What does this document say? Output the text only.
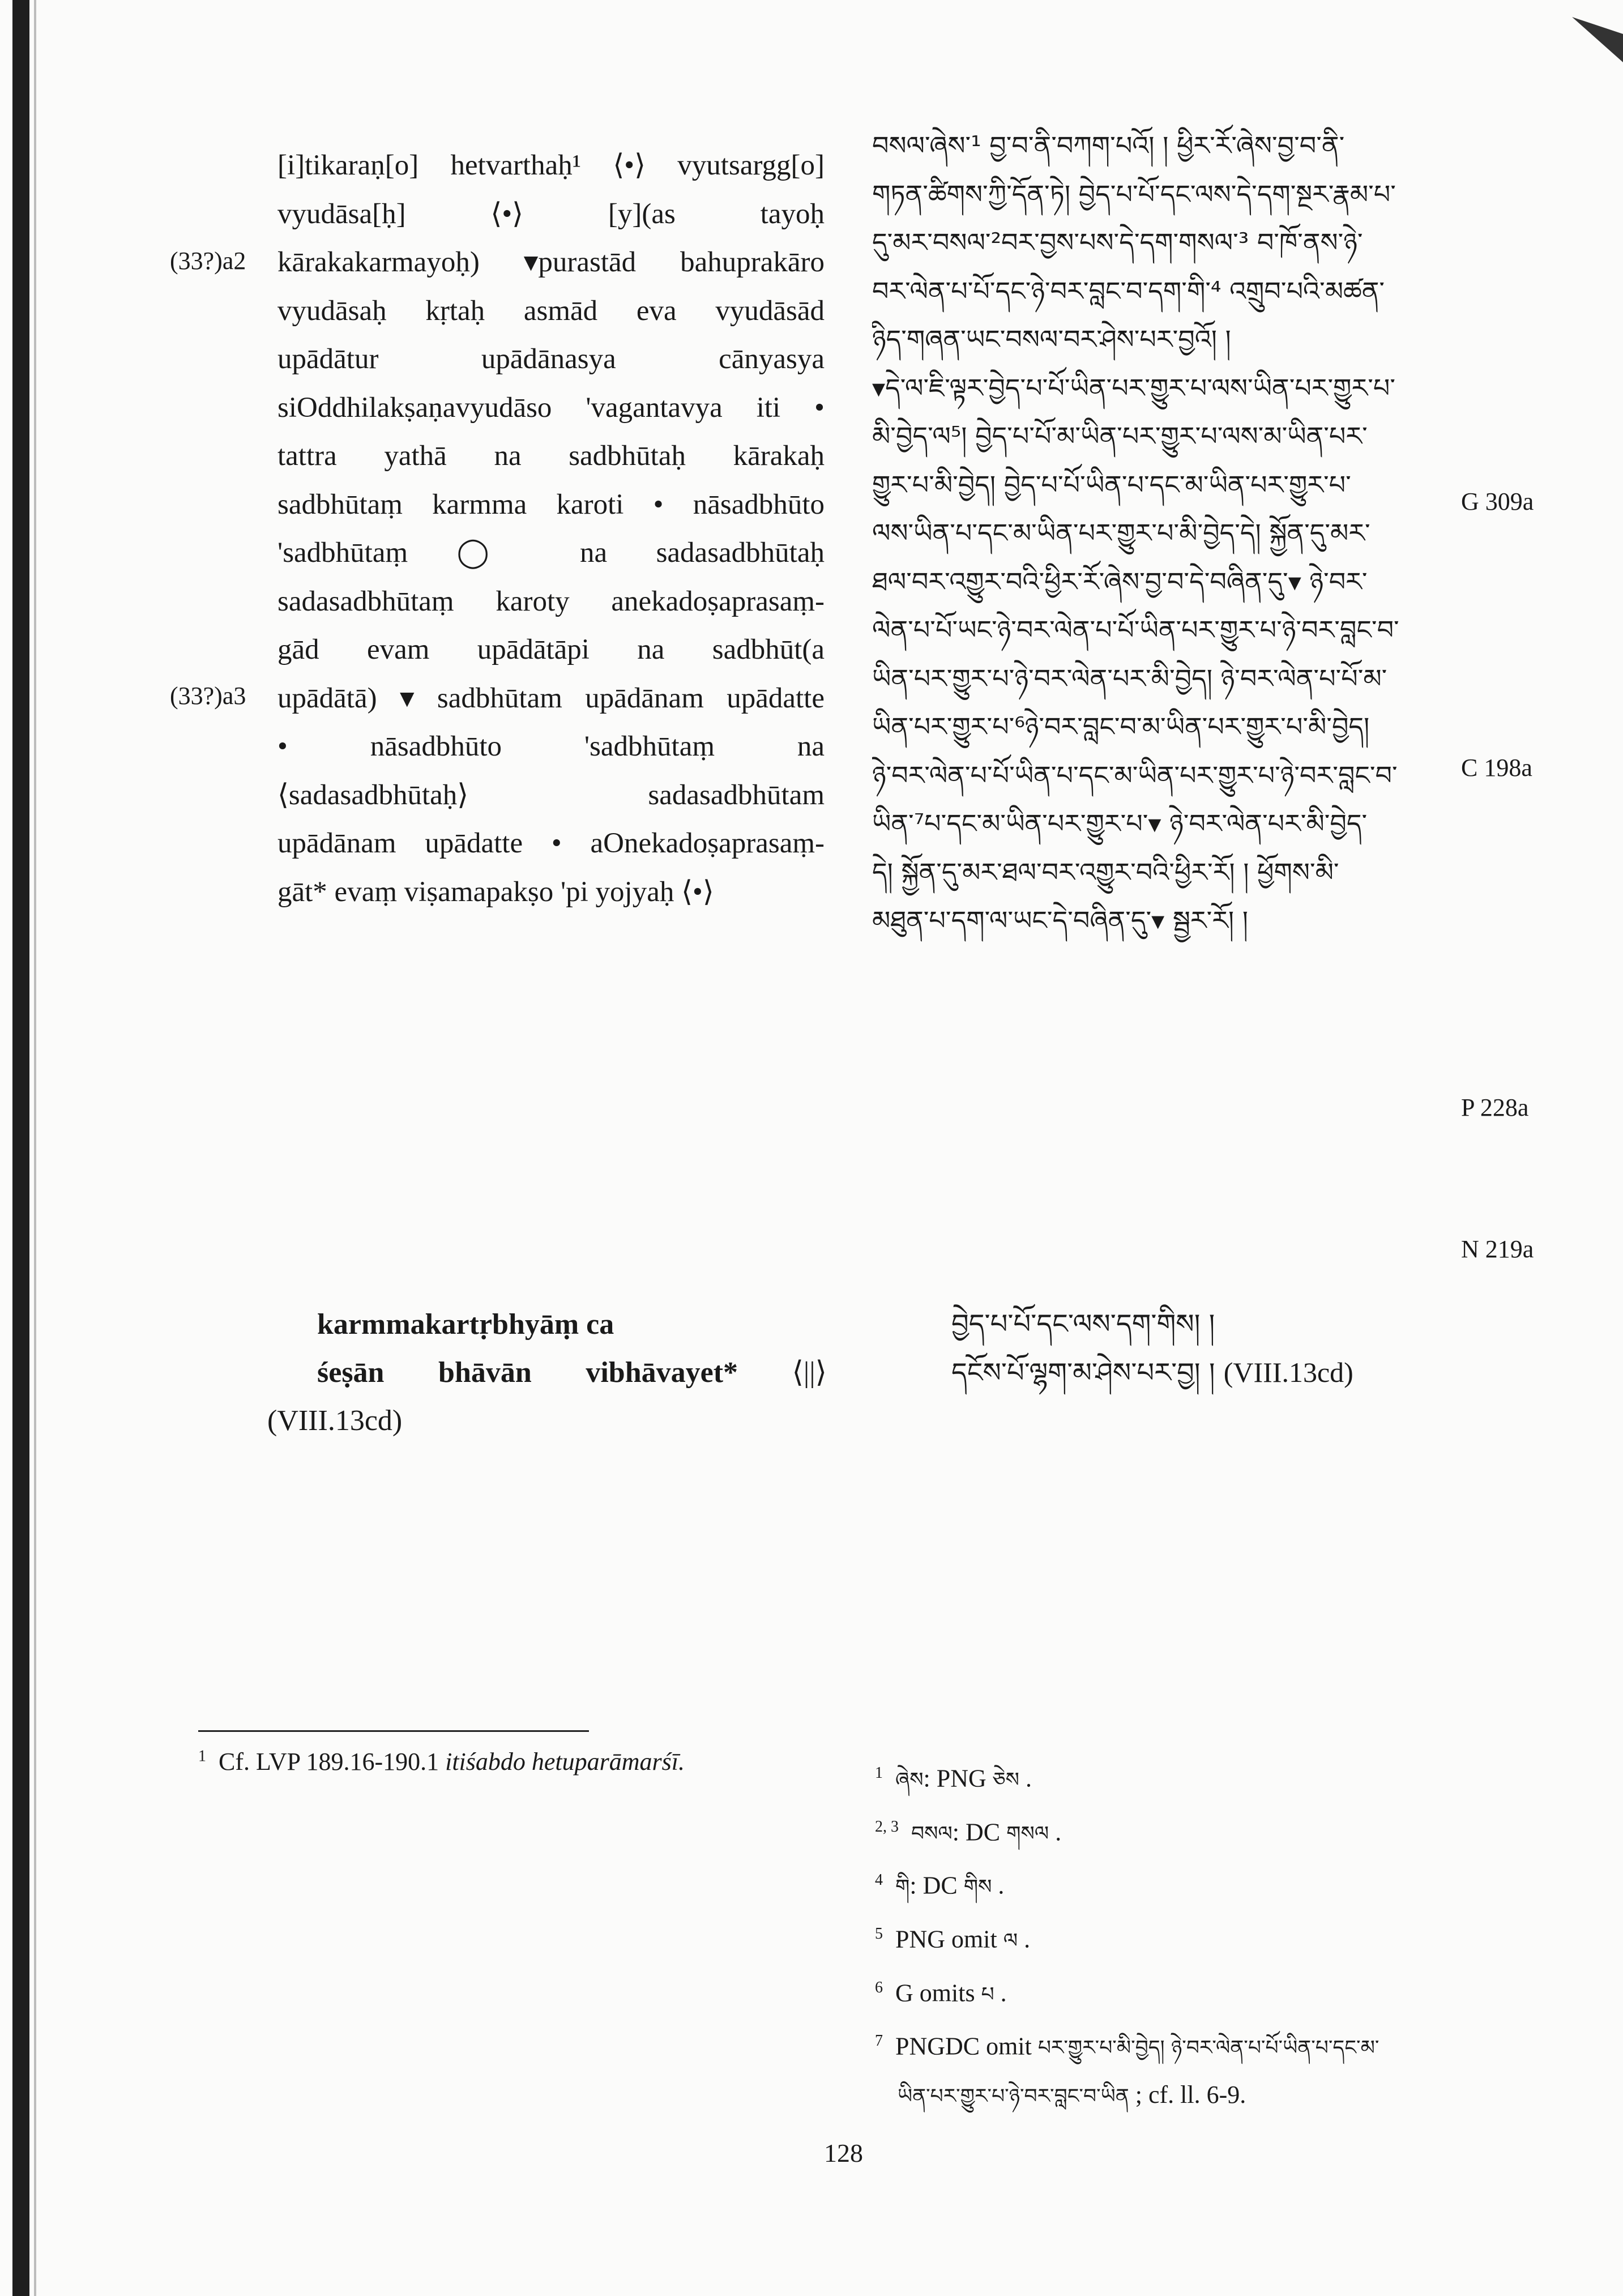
[i]tikaraṇ[o] hetvarthaḥ¹ ⟨•⟩ vyutsargg[o]
vyudāsa[ḥ] ⟨•⟩ [y](as tayoḥ
kārakakarmayoḥ) ▾purastād bahuprakāro
vyudāsaḥ kṛtaḥ asmād eva vyudāsād
upādātur upādānasya cānyasya
siOddhilakṣaṇavyudāso 'vagantavya iti •
tattra yathā na sadbhūtaḥ kārakaḥ
sadbhūtaṃ karmma karoti • nāsadbhūto
'sadbhūtaṃ ◯ na sadasadbhūtaḥ
sadasadbhūtaṃ karoty anekadoṣaprasaṃ-
gād evam upādātāpi na sadbhūt(a
upādātā) ▾ sadbhūtam upādānam upādatte
• nāsadbhūto 'sadbhūtaṃ na
⟨sadasadbhūtaḥ⟩ sadasadbhūtam
upādānam upādatte • aOnekadoṣaprasaṃ-
gāt* evaṃ viṣamapakṣo 'pi yojyaḥ ⟨•⟩
(33?)a2
(33?)a3
བསལ་ཞེས་¹ བྱ་བ་ནི་བཀག་པའོ། ། ཕྱིར་རོ་ཞེས་བྱ་བ་ནི་
གཏན་ཚིགས་ཀྱི་དོན་ཏེ། བྱེད་པ་པོ་དང་ལས་དེ་དག་སྔར་རྣམ་པ་
དུ་མར་བསལ་²བར་བྱས་པས་དེ་དག་གསལ་³ བ་ཁོ་ནས་ཉེ་
བར་ལེན་པ་པོ་དང་ཉེ་བར་བླང་བ་དག་གི་⁴ འགྲུབ་པའི་མཚན་
ཉིད་གཞན་ཡང་བསལ་བར་ཤེས་པར་བྱའོ། །
▾དེ་ལ་ཇི་ལྟར་བྱེད་པ་པོ་ཡིན་པར་གྱུར་པ་ལས་ཡིན་པར་གྱུར་པ་
མི་བྱེད་ལ⁵། བྱེད་པ་པོ་མ་ཡིན་པར་གྱུར་པ་ལས་མ་ཡིན་པར་
གྱུར་པ་མི་བྱེད། བྱེད་པ་པོ་ཡིན་པ་དང་མ་ཡིན་པར་གྱུར་པ་
ལས་ཡིན་པ་དང་མ་ཡིན་པར་གྱུར་པ་མི་བྱེད་དེ། སྐྱོན་དུ་མར་
ཐལ་བར་འགྱུར་བའི་ཕྱིར་རོ་ཞེས་བྱ་བ་དེ་བཞིན་དུ་▾ ཉེ་བར་
ལེན་པ་པོ་ཡང་ཉེ་བར་ལེན་པ་པོ་ཡིན་པར་གྱུར་པ་ཉེ་བར་བླང་བ་
ཡིན་པར་གྱུར་པ་ཉེ་བར་ལེན་པར་མི་བྱེད། ཉེ་བར་ལེན་པ་པོ་མ་
ཡིན་པར་གྱུར་པ་⁶ཉེ་བར་བླང་བ་མ་ཡིན་པར་གྱུར་པ་མི་བྱེད།
ཉེ་བར་ལེན་པ་པོ་ཡིན་པ་དང་མ་ཡིན་པར་གྱུར་པ་ཉེ་བར་བླང་བ་
ཡིན་⁷པ་དང་མ་ཡིན་པར་གྱུར་པ་▾ ཉེ་བར་ལེན་པར་མི་བྱེད་
དེ། སྐྱོན་དུ་མར་ཐལ་བར་འགྱུར་བའི་ཕྱིར་རོ། ། ཕྱོགས་མི་
མཐུན་པ་དག་ལ་ཡང་དེ་བཞིན་དུ་▾ སྦྱར་རོ། །
G 309a
C 198a
P 228a
N 219a
karmmakartṛbhyāṃ ca
śeṣān bhāvān vibhāvayet* ⟨||⟩
(VIII.13cd)
བྱེད་པ་པོ་དང་ལས་དག་གིས། །
དངོས་པོ་ལྷག་མ་ཤེས་པར་བྱ། ། (VIII.13cd)
$^1$ Cf. LVP 189.16-190.1 itiśabdo hetuparāmarśī.	$^1$ ཞེས: PNG ཅེས .
$^{2, 3}$ བསལ: DC གསལ .
$^4$ གི: DC གིས .
$^5$ PNG omit ལ .
$^6$ G omits པ .
$^7$ PNGDC omit པར་གྱུར་པ་མི་བྱེད། ཉེ་བར་ལེན་པ་པོ་ཡིན་པ་དང་མ་
ཡིན་པར་གྱུར་པ་ཉེ་བར་བླང་བ་ཡིན ; cf. ll. 6-9.
128
